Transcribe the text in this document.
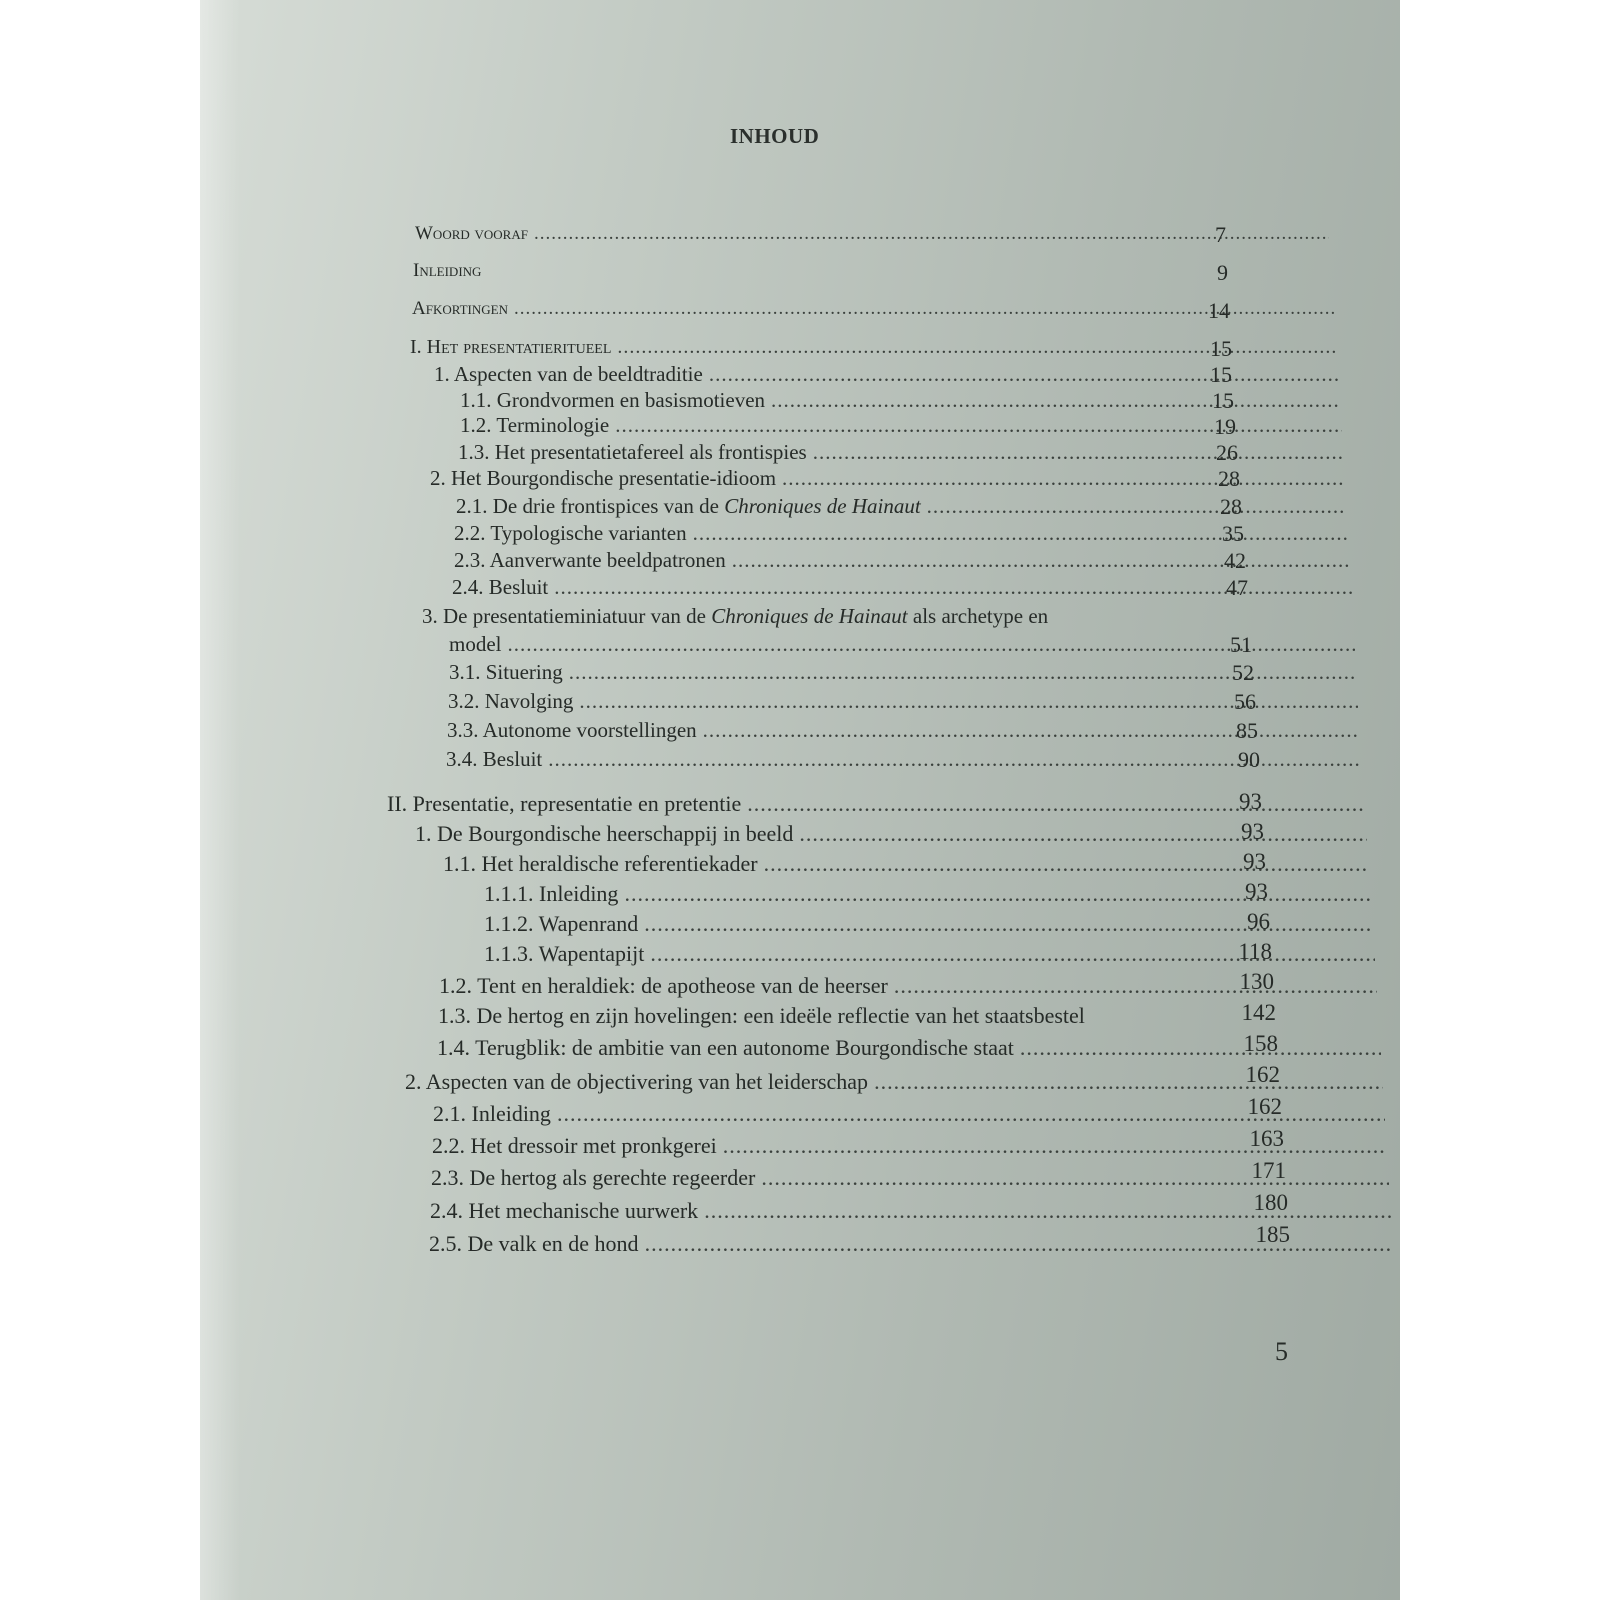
INHOUD
Woord vooraf .....	7
Inleiding	9
Afkortingen .....	14
I. Het presentatieritueel .....	15
1. Aspecten van de beeldtraditie .....	15
1.1. Grondvormen en basismotieven .....	15
1.2. Terminologie .....	19
1.3. Het presentatietafereel als frontispies .....	26
2. Het Bourgondische presentatie-idioom .....	28
2.1. De drie frontispices van de Chroniques de Hainaut .....	28
2.2. Typologische varianten .....	35
2.3. Aanverwante beeldpatronen .....	42
2.4. Besluit .....	47
3. De presentatieminiatuur van de Chroniques de Hainaut als archetype en
model .....	51
3.1. Situering .....	52
3.2. Navolging .....	56
3.3. Autonome voorstellingen .....	85
3.4. Besluit .....	90
II. Presentatie, representatie en pretentie .....	93
1. De Bourgondische heerschappij in beeld .....	93
1.1. Het heraldische referentiekader .....	93
1.1.1. Inleiding .....	93
1.1.2. Wapenrand .....	96
1.1.3. Wapentapijt .....	118
1.2. Tent en heraldiek: de apotheose van de heerser .....	130
1.3. De hertog en zijn hovelingen: een ideële reflectie van het staatsbestel	142
1.4. Terugblik: de ambitie van een autonome Bourgondische staat .....	158
2. Aspecten van de objectivering van het leiderschap .....	162
2.1. Inleiding .....	162
2.2. Het dressoir met pronkgerei .....	163
2.3. De hertog als gerechte regeerder .....	171
2.4. Het mechanische uurwerk .....	180
2.5. De valk en de hond .....	185
5
